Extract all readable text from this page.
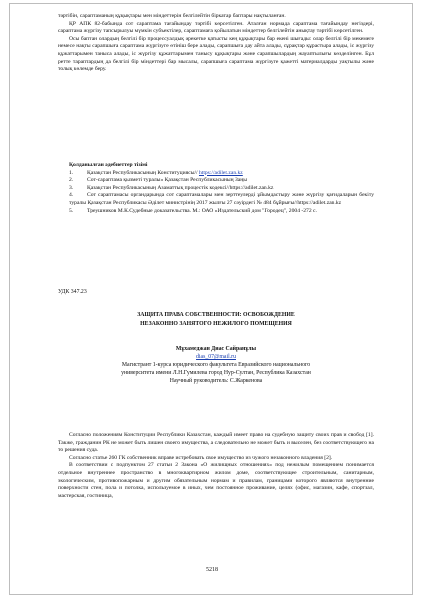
тәртібін, сараптаманың құқықтары мен міндеттерін белгілейтін біркатар баптары нақтыланған.

ҚР АПК 82-бабында сот сараптама тағайындау тәртібі көрсетілген. Аталған нормада сараптама тағайындау негіздері, сараптама жүргізу тапсырылуы мүмкін субъектілер, сараптамаға қойылатын міндеттер белгілейтін анықтау тәртібі көрсетілген.

Осы баптан олардың белгілі бір процессуалдық әрекетке қатысты кең құқықтары бар екені шығады: олар белгілі бір мекемеге немесе нақты сарапшыға сараптама жүргізуге өтініш бере алады, сарапшыға дау айта алады, сұрақтар құрастыра алады, іс жүргізу құжаттарымен таныса алады, іс жүргізу құжаттарымен танысу құқықтары және сарапшылардың жауаптылығы көзделінген. Бұл ретте тараптардың да белгілі бір міндеттері бар мысалы, сарапшыға сараптама жүргізуге қажетті материалдарды уақтылы және толық көлемде беру.

Қолданылған әдебиеттер тізімі

1. Қазақстан Республикасының Конституциясы// https://adilet.zan.kz

2. Сот-сараптама қызметі туралы» Қазақстан Республикасының Заңы

3. Қазақстан Республикасының Азаматтық процестік кодексі//https://adilet.zan.kz

4. Сот сараптамасы органдарында сот сараптамалары мен зерттеулерді ұйымдастыру және жүргізу қағидаларын бекіту туралы Қазақстан Республикасы Әділет министрінің 2017 жылғы 27 сәуірдегі № 484 бұйрығы//https://adilet.zan.kz

5. Треушников М.К.Судебные доказательства. М.: ОАО «Издательский дом "Городец", 2004 -272 с.

УДК 347.23
ЗАЩИТА ПРАВА СОБСТВЕННОСТИ: ОСВОБОЖДЕНИЕ
НЕЗАКОННО ЗАНЯТОГО НЕЖИЛОГО ПОМЕЩЕНИЯ
Мұхамеджан Диас Сайранұлы
dias_07@mail.ru
Магистрант 1-курса юридического факультета Евразийского национального
университета имени Л.Н.Гумилева город Нур-Султан, Республика Казахстан
Научный руководитель: С.Жаркенова

Согласно положениям Конституции Республики Казахстан, каждый имеет право на судебную защиту своих прав и свобод [1]. Также, гражданин РК не может быть лишен своего имущества, а следовательно не может быть и выселен, без соответствующего на то решения суда.

Согласно статье 260 ГК собственник вправе истребовать свое имущество из чужого незаконного владения [2].

В соответствии с подпунктом 27 статьи 2 Закона «О жилищных отношениях» под нежилым помещением понимается отдельное внутреннее пространство в многоквартирном жилом доме, соответствующее строительным, санитарным, экологическим, противопожарным и другим обязательным нормам и правилам, границами которого являются внутренние поверхности стен, пола и потолка, используемое в иных, чем постоянное проживание, целях (офис, магазин, кафе, спортзал, мастерская, гостиница,

5218
